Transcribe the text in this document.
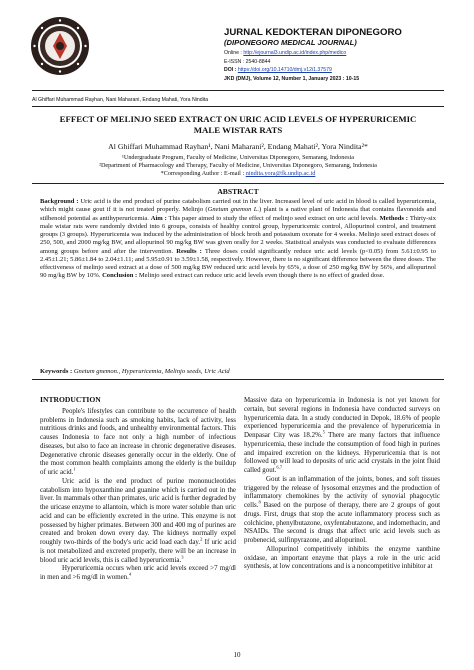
JURNAL KEDOKTERAN DIPONEGORO
(DIPONEGORO MEDICAL JOURNAL)
Online : http://ejournal3.undip.ac.id/index.php/medico
E-ISSN : 2540-8844
DOI : https://doi.org/10.14710/dmj.v12i1.37579
JKD (DMJ), Volume 12, Number 1, January 2023 : 10-15
Al Ghiffari Muhammad Rayhan, Nani Maharani, Endang Mahati, Yora Nindita
EFFECT OF MELINJO SEED EXTRACT ON URIC ACID LEVELS OF HYPERURICEMIC
MALE WISTAR RATS
Al Ghiffari Muhammad Rayhan¹, Nani Maharani², Endang Mahati², Yora Nindita²*
¹Undergraduate Program, Faculty of Medicine, Universitas Diponegoro, Semarang, Indonesia
²Department of Pharmacology and Therapy, Faculty of Medicine, Universitas Diponegoro, Semarang, Indonesia
*Corresponding Author : E-mail : nindita.yora@fk.undip.ac.id
ABSTRACT
Background : Uric acid is the end product of purine catabolism carried out in the liver. Increased level of uric acid in blood is called hyperuricemia, which might cause gout if it is not treated properly. Melinjo (Gnetum gnemon L.) plant is a native plant of Indonesia that contains flavonoids and stilbenoid potential as antihyperuricemia. Aim : This paper aimed to study the effect of melinjo seed extract on uric acid levels. Methods : Thirty-six male wistar rats were randomly divided into 6 groups, consists of healthy control group, hyperuricemic control, Allopurinol control, and treatment groups (3 groups). Hyperuricemia was induced by the administration of block broth and potassium oxonate for 4 weeks. Melinjo seed extract doses of 250, 500, and 2000 mg/kg BW, and allopurinol 90 mg/kg BW was given orally for 2 weeks. Statistical analysis was conducted to evaluate differences among groups before and after the intervention. Results : Three doses could significantly reduce uric acid levels (p<0.05) from 5.61±0.95 to 2.45±1.21; 5.86±1.84 to 2.04±1.11; and 5.95±0.91 to 3.59±1.58, respectively. However, there is no significant difference between the three doses. The effectiveness of melinjo seed extract at a dose of 500 mg/kg BW reduced uric acid levels by 65%, a dose of 250 mg/kg BW by 56%, and allopurinol 90 mg/kg BW by 10%. Conclusion : Melinjo seed extract can reduce uric acid levels even though there is no effect of graded dose.
Keywords : Gnetum gnemon., Hyperuricemia, Melinjo seeds, Uric Acid
INTRODUCTION

People's lifestyles can contribute to the occurrence of health problems in Indonesia such as smoking habits, lack of activity, less nutritious drinks and foods, and unhealthy environmental factors. This causes Indonesia to face not only a high number of infectious diseases, but also to face an increase in chronic degenerative diseases. Degenerative chronic diseases generally occur in the elderly. One of the most common health complaints among the elderly is the buildup of uric acid.$^1$

Uric acid is the end product of purine mononucleotides catabolism into hypoxanthine and guanine which is carried out in the liver. In mammals other than primates, uric acid is further degraded by the uricase enzyme to allantoin, which is more water soluble than uric acid and can be efficiently excreted in the urine. This enzyme is not possessed by higher primates. Between 300 and 400 mg of purines are created and broken down every day. The kidneys normally expel roughly two-thirds of the body's uric acid load each day.$^2$ If uric acid is not metabolized and excreted properly, there will be an increase in blood uric acid levels, this is called hyperuricemia.$^3$

Hyperuricemia occurs when uric acid levels exceed >7 mg/dl in men and >6 mg/dl in women.$^4$

Massive data on hyperuricemia in Indonesia is not yet known for certain, but several regions in Indonesia have conducted surveys on hyperuricemia data. In a study conducted in Depok, 18.6% of people experienced hyperuricemia and the prevalence of hyperuricemia in Denpasar City was 18.2%.$^5$ There are many factors that influence hyperuricemia, these include the consumption of food high in purines and impaired excretion on the kidneys. Hyperuricemia that is not followed up will lead to deposits of uric acid crystals in the joint fluid called gout.$^{6,7}$

Gout is an inflammation of the joints, bones, and soft tissues triggered by the release of lysosomal enzymes and the production of inflammatory chemokines by the activity of synovial phagocytic cells.$^8$ Based on the purpose of therapy, there are 2 groups of gout drugs. First, drugs that stop the acute inflammatory process such as colchicine, phenylbutazone, oxyfentabutazone, and indomethacin, and NSAIDs. The second is drugs that affect uric acid levels such as probenecid, sulfinpyrazone, and allopurinol.

Allopurinol competitively inhibits the enzyme xanthine oxidase, an important enzyme that plays a role in the uric acid synthesis, at low concentrations and is a noncompetitive inhibitor at

10
